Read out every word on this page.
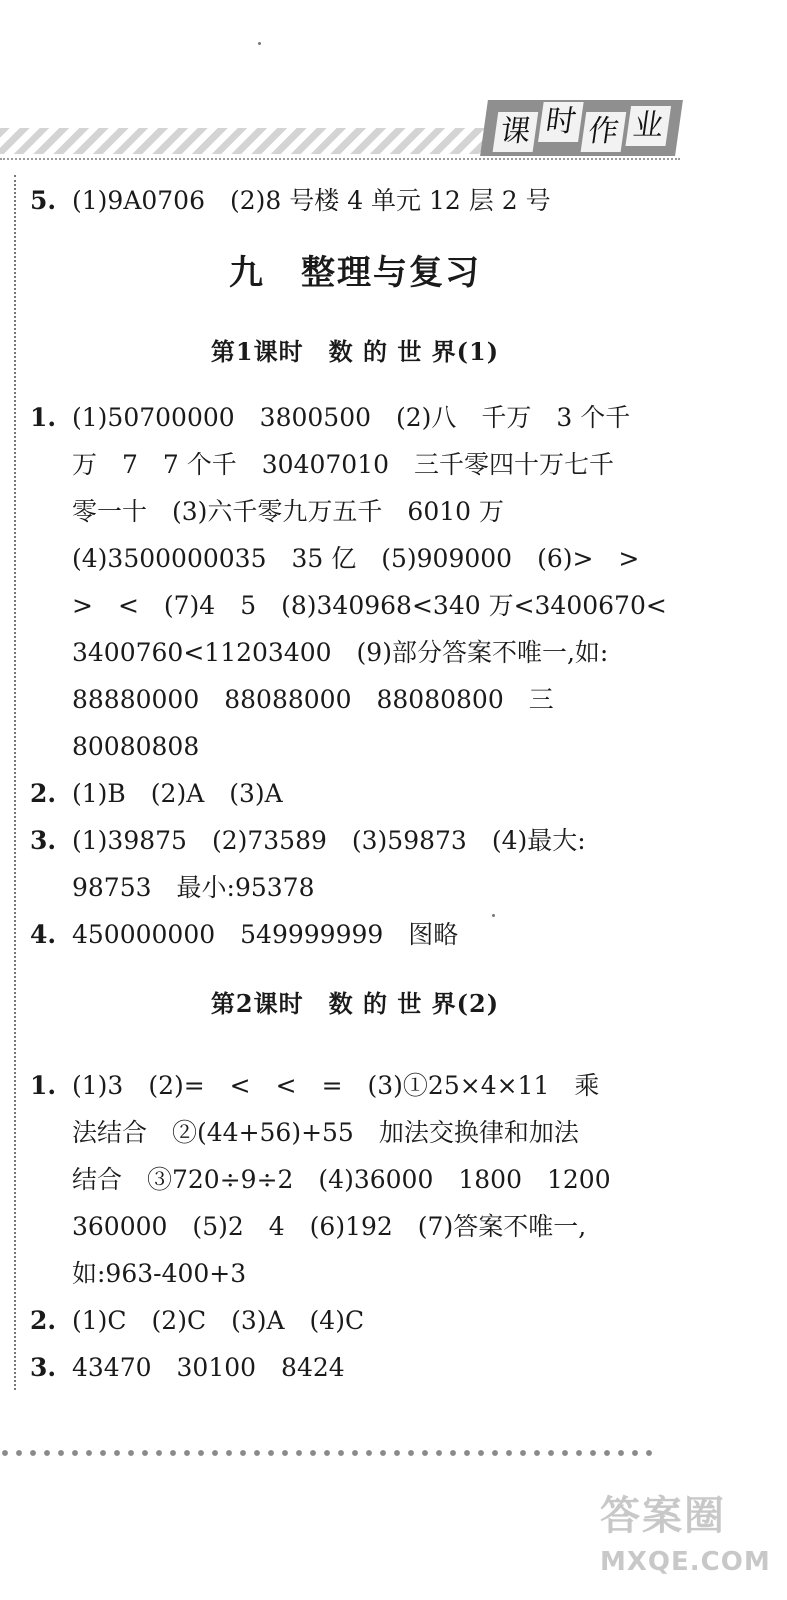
课 时 作 业
5. (1)9A0706　(2)8 号楼 4 单元 12 层 2 号
九　整理与复习
第1课时　数 的 世 界(1)
1. (1)50700000　3800500　(2)八　千万　3 个千
万　7　7 个千　30407010　三千零四十万七千
零一十　(3)六千零九万五千　6010 万
(4)3500000035　35 亿　(5)909000　(6)>　>
>　<　(7)4　5　(8)340968<340 万<3400670<
3400760<11203400　(9)部分答案不唯一,如:
88880000　88088000　88080800　三
80080808
2. (1)B　(2)A　(3)A
3. (1)39875　(2)73589　(3)59873　(4)最大:
98753　最小:95378
4. 450000000　549999999　图略
第2课时　数 的 世 界(2)
1. (1)3　(2)=　<　<　=　(3)①25×4×11　乘
法结合　②(44+56)+55　加法交换律和加法
结合　③720÷9÷2　(4)36000　1800　1200
360000　(5)2　4　(6)192　(7)答案不唯一,
如:963-400+3
2. (1)C　(2)C　(3)A　(4)C
3. 43470　30100　8424
答案圈
MXQE.COM
